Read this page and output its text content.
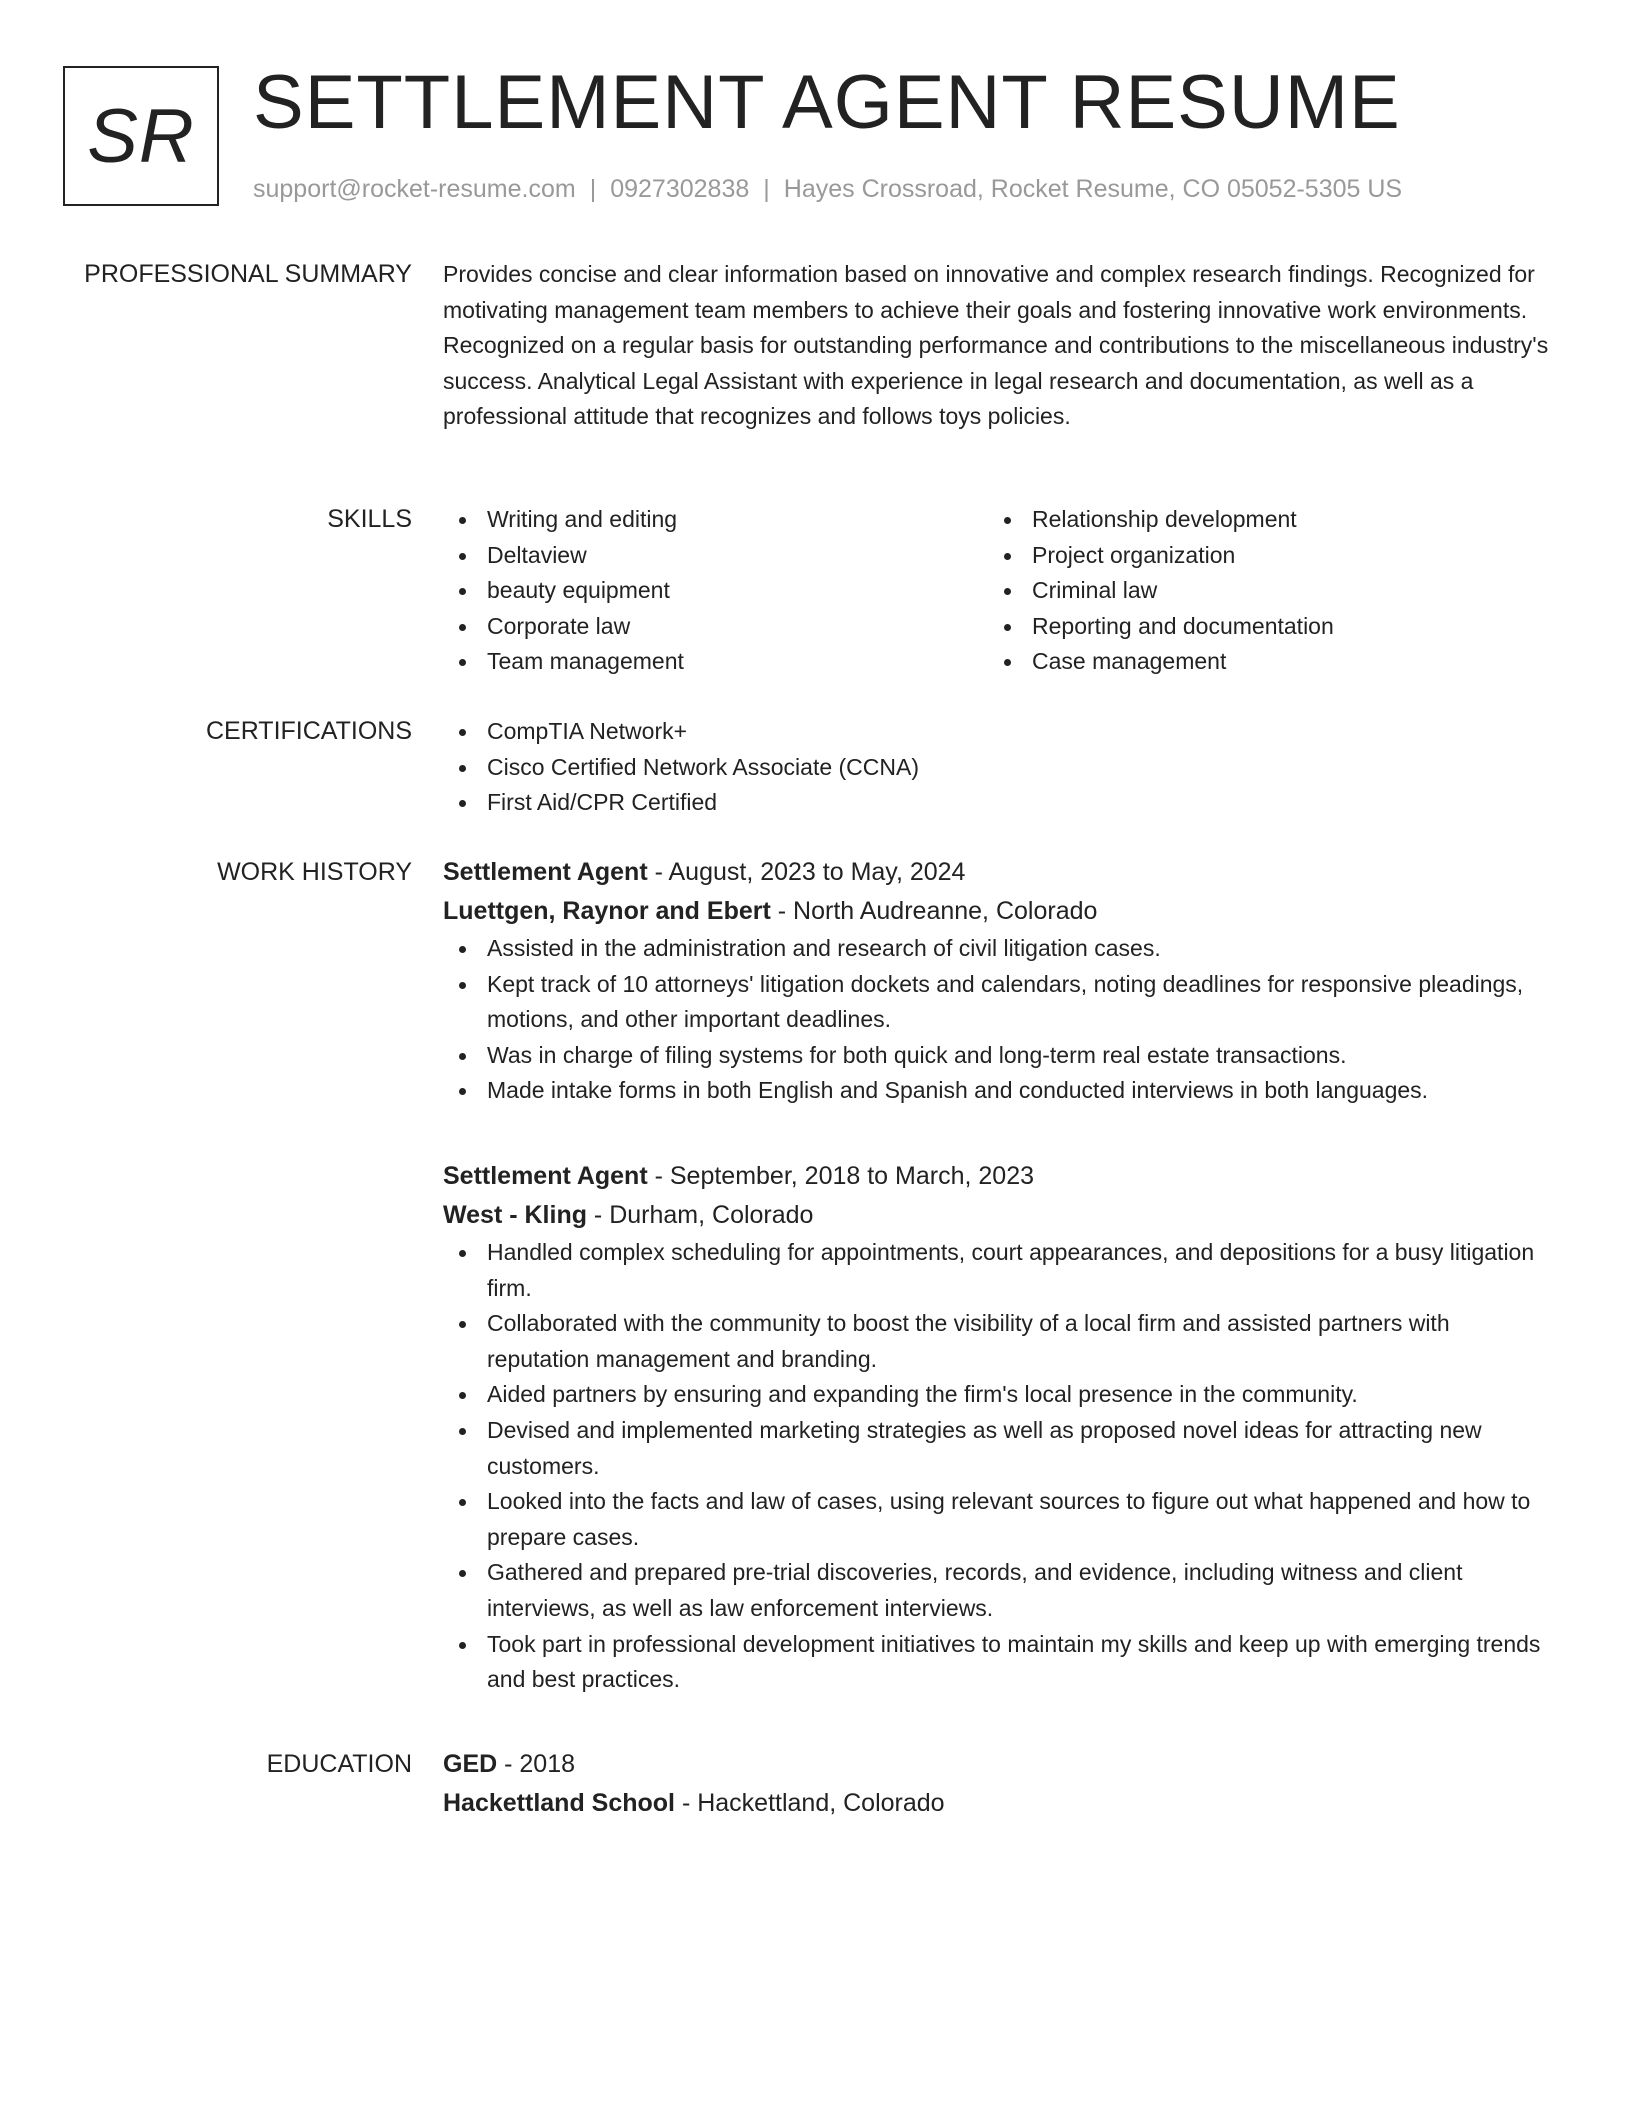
SR SETTLEMENT AGENT RESUME
support@rocket-resume.com | 0927302838 | Hayes Crossroad, Rocket Resume, CO 05052-5305 US
PROFESSIONAL SUMMARY Provides concise and clear information based on innovative and complex research findings. Recognized for motivating management team members to achieve their goals and fostering innovative work environments. Recognized on a regular basis for outstanding performance and contributions to the miscellaneous industry's success. Analytical Legal Assistant with experience in legal research and documentation, as well as a professional attitude that recognizes and follows toys policies.
SKILLS	Writing and editing
Deltaview
beauty equipment
Corporate law
Team management
Relationship development
Project organization
Criminal law
Reporting and documentation
Case management
CERTIFICATIONS	CompTIA Network+
Cisco Certified Network Associate (CCNA)
First Aid/CPR Certified
WORK HISTORY Settlement Agent - August, 2023 to May, 2024
Luettgen, Raynor and Ebert - North Audreanne, Colorado
Assisted in the administration and research of civil litigation cases.
Kept track of 10 attorneys' litigation dockets and calendars, noting deadlines for responsive pleadings, motions, and other important deadlines.
Was in charge of filing systems for both quick and long-term real estate transactions.
Made intake forms in both English and Spanish and conducted interviews in both languages.
Settlement Agent - September, 2018 to March, 2023
West - Kling - Durham, Colorado
Handled complex scheduling for appointments, court appearances, and depositions for a busy litigation firm.
Collaborated with the community to boost the visibility of a local firm and assisted partners with reputation management and branding.
Aided partners by ensuring and expanding the firm's local presence in the community.
Devised and implemented marketing strategies as well as proposed novel ideas for attracting new customers.
Looked into the facts and law of cases, using relevant sources to figure out what happened and how to prepare cases.
Gathered and prepared pre-trial discoveries, records, and evidence, including witness and client interviews, as well as law enforcement interviews.
Took part in professional development initiatives to maintain my skills and keep up with emerging trends and best practices.
EDUCATION GED - 2018
Hackettland School - Hackettland, Colorado
